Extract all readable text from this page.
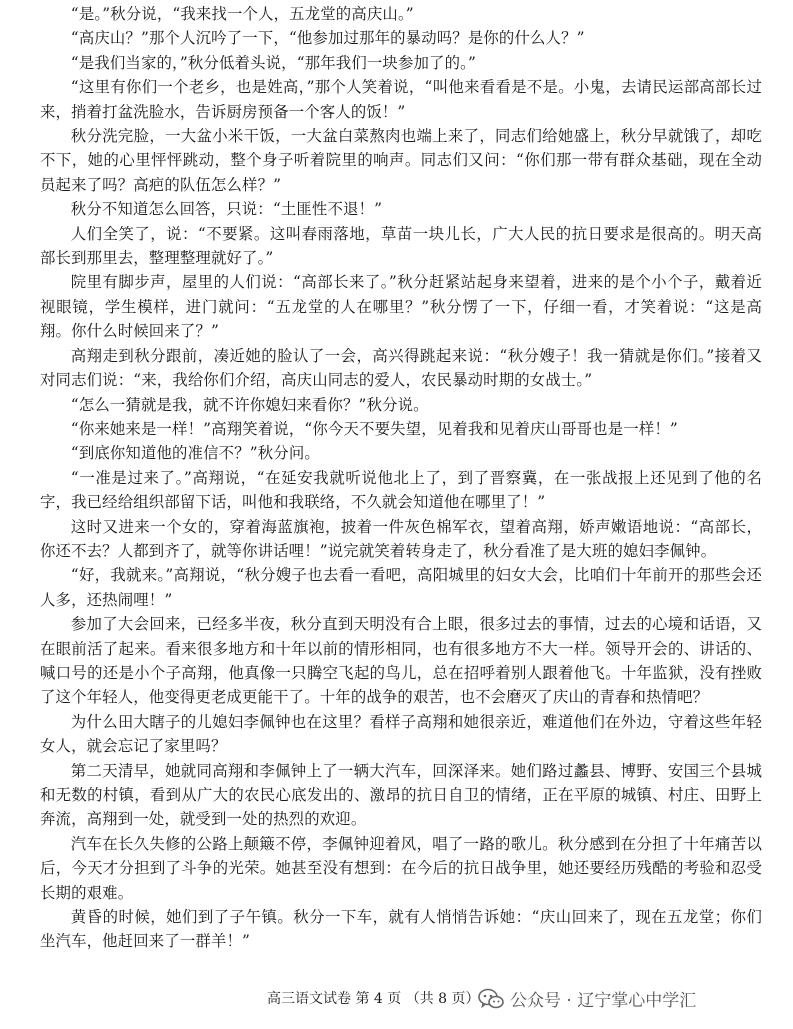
“是。”秋分说，“我来找一个人，五龙堂的高庆山。”

“高庆山？”那个人沉吟了一下，“他参加过那年的暴动吗？是你的什么人？”

“是我们当家的，”秋分低着头说，“那年我们一块参加了的。”

“这里有你们一个老乡，也是姓高，”那个人笑着说，“叫他来看看是不是。小鬼，去请民运部高部长过来，捎着打盆洗脸水，告诉厨房预备一个客人的饭！”

秋分洗完脸，一大盆小米干饭，一大盆白菜熬肉也端上来了，同志们给她盛上，秋分早就饿了，却吃不下，她的心里怦怦跳动，整个身子听着院里的响声。同志们又问：“你们那一带有群众基础，现在全动员起来了吗？高疤的队伍怎么样？”

秋分不知道怎么回答，只说：“土匪性不退！”

人们全笑了，说：“不要紧。这叫春雨落地，草苗一块儿长，广大人民的抗日要求是很高的。明天高部长到那里去，整理整理就好了。”

院里有脚步声，屋里的人们说：“高部长来了。”秋分赶紧站起身来望着，进来的是个小个子，戴着近视眼镜，学生模样，进门就问：“五龙堂的人在哪里？”秋分愣了一下，仔细一看，才笑着说：“这是高翔。你什么时候回来了？”

高翔走到秋分跟前，凑近她的脸认了一会，高兴得跳起来说：“秋分嫂子！我一猜就是你们。”接着又对同志们说：“来，我给你们介绍，高庆山同志的爱人，农民暴动时期的女战士。”

“怎么一猜就是我，就不许你媳妇来看你？”秋分说。

“你来她来是一样！”高翔笑着说，“你今天不要失望，见着我和见着庆山哥哥也是一样！”

“到底你知道他的准信不？”秋分问。

“一准是过来了。”高翔说，“在延安我就听说他北上了，到了晋察冀，在一张战报上还见到了他的名字，我已经给组织部留下话，叫他和我联络，不久就会知道他在哪里了！”

这时又进来一个女的，穿着海蓝旗袍，披着一件灰色棉军衣，望着高翔，娇声嫩语地说：“高部长，你还不去？人都到齐了，就等你讲话哩！”说完就笑着转身走了，秋分看准了是大班的媳妇李佩钟。

“好，我就来。”高翔说，“秋分嫂子也去看一看吧，高阳城里的妇女大会，比咱们十年前开的那些会还人多，还热闹哩！”

参加了大会回来，已经多半夜，秋分直到天明没有合上眼，很多过去的事情，过去的心境和话语，又在眼前活了起来。看来很多地方和十年以前的情形相同，也有很多地方不大一样。领导开会的、讲话的、喊口号的还是小个子高翔，他真像一只腾空飞起的鸟儿，总在招呼着别人跟着他飞。十年监狱，没有挫败了这个年轻人，他变得更老成更能干了。十年的战争的艰苦，也不会磨灭了庆山的青春和热情吧？

为什么田大瞎子的儿媳妇李佩钟也在这里？看样子高翔和她很亲近，难道他们在外边，守着这些年轻女人，就会忘记了家里吗？

第二天清早，她就同高翔和李佩钟上了一辆大汽车，回深泽来。她们路过蠡县、博野、安国三个县城和无数的村镇，看到从广大的农民心底发出的、激昂的抗日自卫的情绪，正在平原的城镇、村庄、田野上奔流，高翔到一处，就受到一处的热烈的欢迎。

汽车在长久失修的公路上颠簸不停，李佩钟迎着风，唱了一路的歌儿。秋分感到在分担了十年痛苦以后，今天才分担到了斗争的光荣。她甚至没有想到：在今后的抗日战争里，她还要经历残酷的考验和忍受长期的艰难。

黄昏的时候，她们到了子午镇。秋分一下车，就有人悄悄告诉她：“庆山回来了，现在五龙堂；你们坐汽车，他赶回来了一群羊！”

高三语文试卷 第 4 页 （共 8 页） 公众号 · 辽宁掌心中学汇
